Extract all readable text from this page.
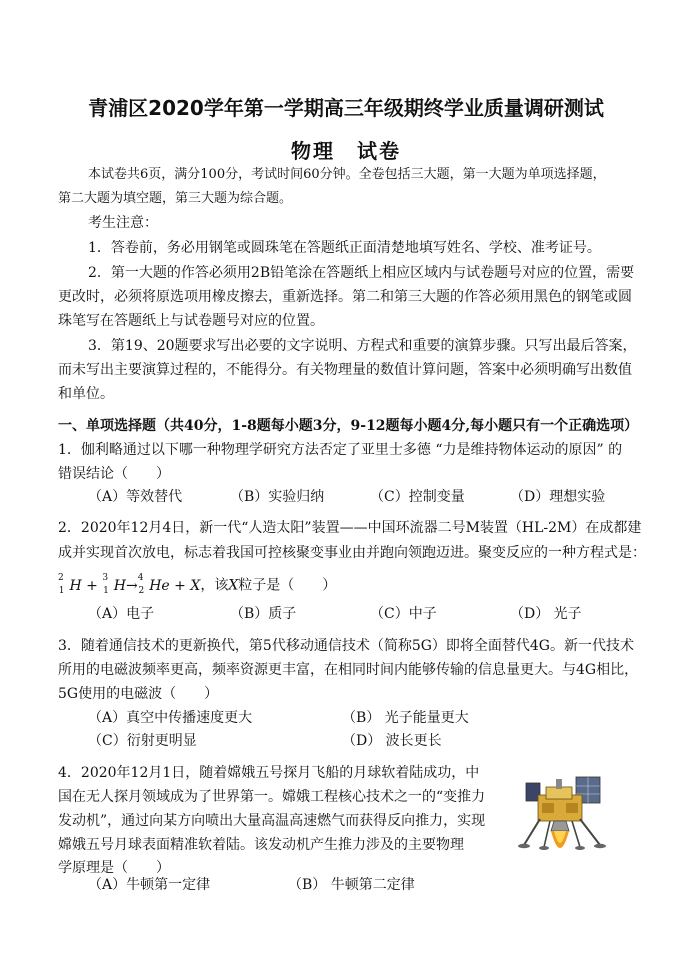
青浦区2020学年第一学期高三年级期终学业质量调研测试
物理　试卷
本试卷共6页，满分100分，考试时间60分钟。全卷包括三大题，第一大题为单项选择题，
第二大题为填空题，第三大题为综合题。
考生注意：
1．答卷前，务必用钢笔或圆珠笔在答题纸正面清楚地填写姓名、学校、准考证号。
2．第一大题的作答必须用2B铅笔涂在答题纸上相应区域内与试卷题号对应的位置，需要
更改时，必须将原选项用橡皮擦去，重新选择。第二和第三大题的作答必须用黑色的钢笔或圆
珠笔写在答题纸上与试卷题号对应的位置。
3．第19、20题要求写出必要的文字说明、方程式和重要的演算步骤。只写出最后答案，
而未写出主要演算过程的，不能得分。有关物理量的数值计算问题，答案中必须明确写出数值
和单位。
一、单项选择题（共40分，1-8题每小题3分，9-12题每小题4分,每小题只有一个正确选项）
1．伽利略通过以下哪一种物理学研究方法否定了亚里士多德 “力是维持物体运动的原因” 的
错误结论（　　）
（A）等效替代	（B）实验归纳	（C）控制变量	（D）理想实验
2．2020年12月4日，新一代“人造太阳”装置——中国环流器二号M装置（HL-2M）在成都建
成并实现首次放电，标志着我国可控核聚变事业由并跑向领跑迈进。聚变反应的一种方程式是：
$^2_1$ H + $^3_1$ H→$^4_2$ He + X，该X粒子是（　　）
（A）电子	（B）质子	（C）中子	（D） 光子
3．随着通信技术的更新换代，第5代移动通信技术（简称5G）即将全面替代4G。新一代技术
所用的电磁波频率更高，频率资源更丰富，在相同时间内能够传输的信息量更大。与4G相比，
5G使用的电磁波（　　）
（A）真空中传播速度更大	（B） 光子能量更大
（C）衍射更明显	（D） 波长更长
4．2020年12月1日，随着嫦娥五号探月飞船的月球软着陆成功，中
国在无人探月领域成为了世界第一。嫦娥工程核心技术之一的“变推力
发动机”，通过向某方向喷出大量高温高速燃气而获得反向推力，实现
嫦娥五号月球表面精准软着陆。该发动机产生推力涉及的主要物理
学原理是（　　）
（A）牛顿第一定律	（B） 牛顿第二定律
